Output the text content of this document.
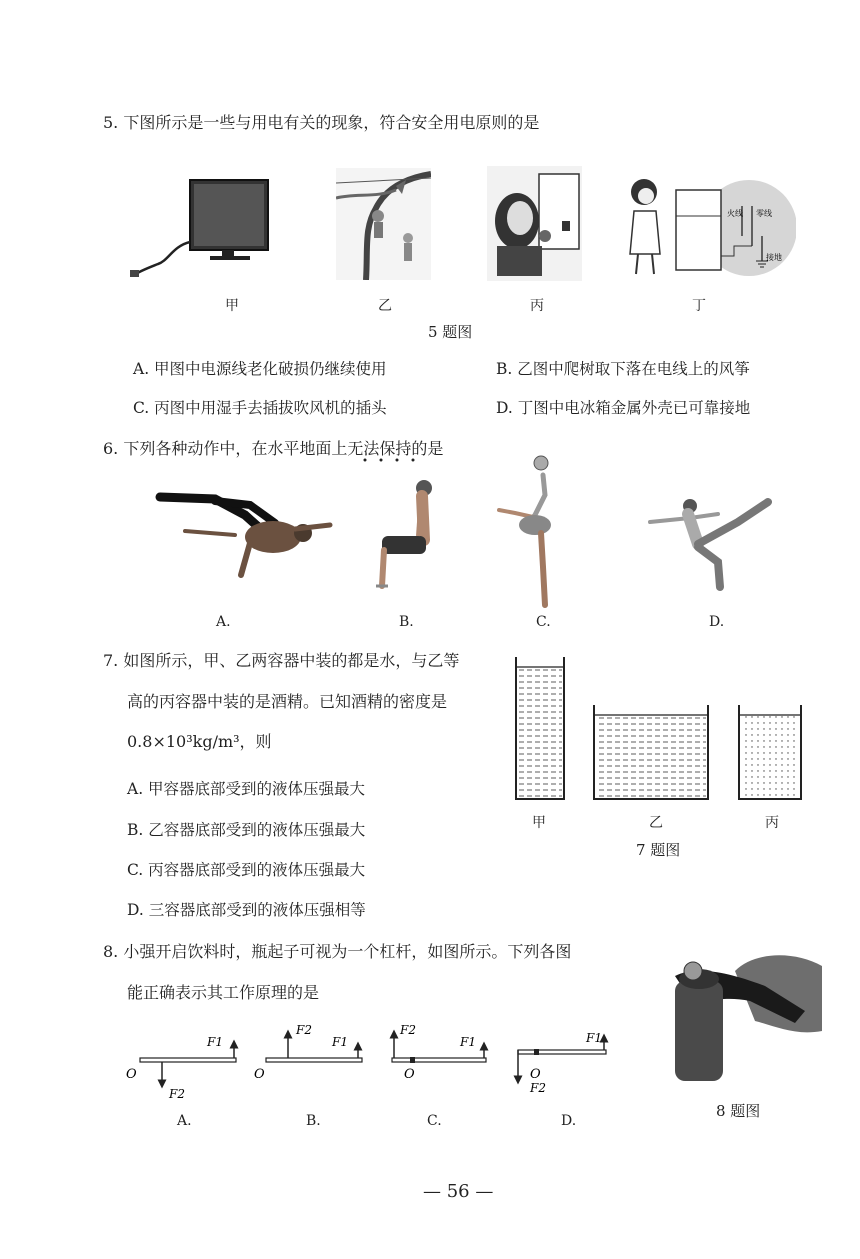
5. 下图所示是一些与用电有关的现象，符合安全用电原则的是
甲	乙	丙
火线 零线
接地
丁
5 题图
A. 甲图中电源线老化破损仍继续使用	B. 乙图中爬树取下落在电线上的风筝
C. 丙图中用湿手去插拔吹风机的插头	D. 丁图中电冰箱金属外壳已可靠接地
6. 下列各种动作中，在水平地面上无法保持的是
A.	B.	C.	D.
7. 如图所示，甲、乙两容器中装的都是水，与乙等
高的丙容器中装的是酒精。已知酒精的密度是
0.8×10³kg/m³，则
A. 甲容器底部受到的液体压强最大
B. 乙容器底部受到的液体压强最大
C. 丙容器底部受到的液体压强最大
D. 三容器底部受到的液体压强相等
甲	乙	丙
7 题图
8. 小强开启饮料时，瓶起子可视为一个杠杆，如图所示。下列各图
能正确表示其工作原理的是
8 题图
F1
F2
O
F2
F1
O
F2
F1
O
F1
F2
O
A.	B.	C.	D.
— 56 —
